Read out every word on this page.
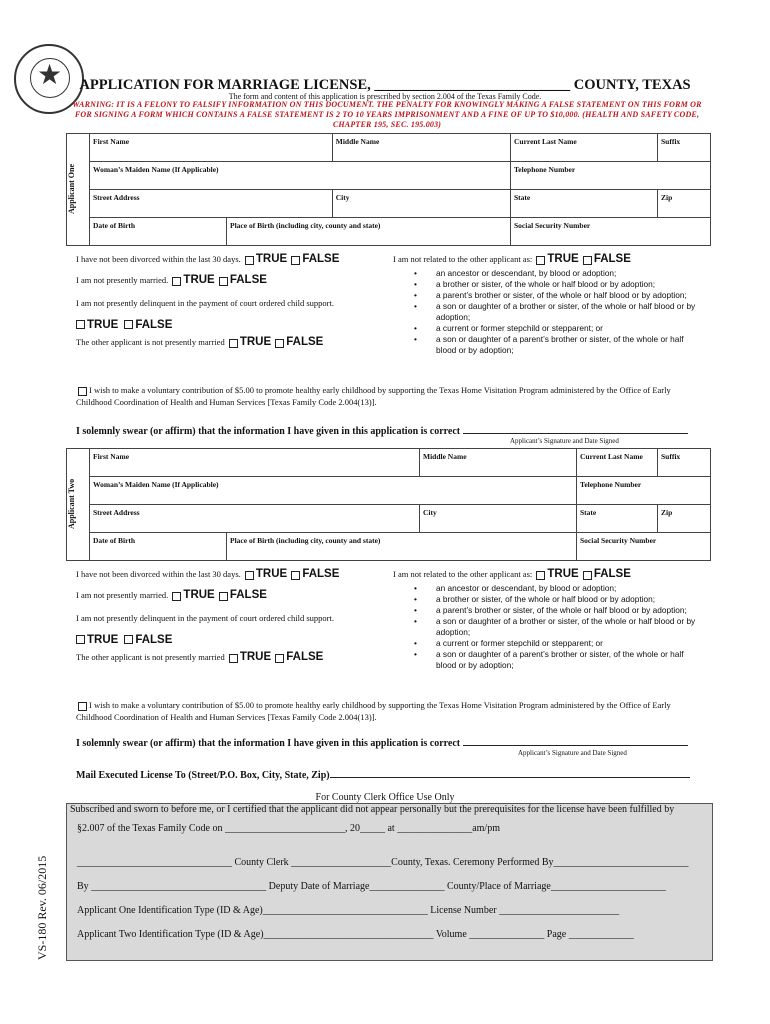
★	APPLICATION FOR MARRIAGE LICENSE, ___________________________ COUNTY, TEXAS
The form and content of this application is prescribed by section 2.004 of the Texas Family Code.
WARNING: IT IS A FELONY TO FALSIFY INFORMATION ON THIS DOCUMENT. THE PENALTY FOR KNOWINGLY MAKING A FALSE STATEMENT ON THIS FORM OR FOR SIGNING A FORM WHICH CONTAINS A FALSE STATEMENT IS 2 TO 10 YEARS IMPRISONMENT AND A FINE OF UP TO $10,000. (HEALTH AND SAFETY CODE, CHAPTER 195, SEC. 195.003)
Applicant One	First Name		Middle Name	Current Last Name	Suffix
	Woman’s Maiden Name (If Applicable)			Telephone Number	
	Street Address		City	State	Zip
	Date of Birth	Place of Birth (including city, county and state)		Social Security Number	
I have not been divorced within the last 30 days. TRUE FALSE
I am not presently married. TRUE FALSE
I am not presently delinquent in the payment of court ordered child support.
TRUE FALSE
The other applicant is not presently married TRUE FALSE
I am not related to the other applicant as: TRUE FALSE
• an ancestor or descendant, by blood or adoption;
• a brother or sister, of the whole or half blood or by adoption;
• a parent’s brother or sister, of the whole or half blood or by adoption;
• a son or daughter of a brother or sister, of the whole or half blood or by adoption;
• a current or former stepchild or stepparent; or
• a son or daughter of a parent’s brother or sister, of the whole or half blood or by adoption;
I wish to make a voluntary contribution of $5.00 to promote healthy early childhood by supporting the Texas Home Visitation Program administered by the Office of Early Childhood Coordination of Health and Human Services [Texas Family Code 2.004(13)].
I solemnly swear (or affirm) that the information I have given in this application is correct
Applicant’s Signature and Date Signed
Applicant Two	First Name		Middle Name	Current Last Name	Suffix
	Woman’s Maiden Name (If Applicable)			Telephone Number	
	Street Address		City	State	Zip
	Date of Birth	Place of Birth (including city, county and state)		Social Security Number	
I have not been divorced within the last 30 days. TRUE FALSE
I am not presently married. TRUE FALSE
I am not presently delinquent in the payment of court ordered child support.
TRUE FALSE
The other applicant is not presently married TRUE FALSE
I am not related to the other applicant as: TRUE FALSE
• an ancestor or descendant, by blood or adoption;
• a brother or sister, of the whole or half blood or by adoption;
• a parent’s brother or sister, of the whole or half blood or by adoption;
• a son or daughter of a brother or sister, of the whole or half blood or by adoption;
• a current or former stepchild or stepparent; or
• a son or daughter of a parent’s brother or sister, of the whole or half blood or by adoption;
I wish to make a voluntary contribution of $5.00 to promote healthy early childhood by supporting the Texas Home Visitation Program administered by the Office of Early Childhood Coordination of Health and Human Services [Texas Family Code 2.004(13)].
I solemnly swear (or affirm) that the information I have given in this application is correct
Applicant’s Signature and Date Signed
Mail Executed License To (Street/P.O. Box, City, State, Zip)
For County Clerk Office Use Only
Subscribed and sworn to before me, or I certified that the applicant did not appear personally but the prerequisites for the license have been fulfilled by
§2.007 of the Texas Family Code on ________________________, 20_____ at _______________am/pm
_______________________________ County Clerk ____________________County, Texas. Ceremony Performed By___________________________
By ___________________________________ Deputy Date of Marriage_______________ County/Place of Marriage_______________________
Applicant One Identification Type (ID & Age)_________________________________ License Number ________________________
Applicant Two Identification Type (ID & Age)__________________________________ Volume _______________ Page _____________
VS-180 Rev. 06/2015
